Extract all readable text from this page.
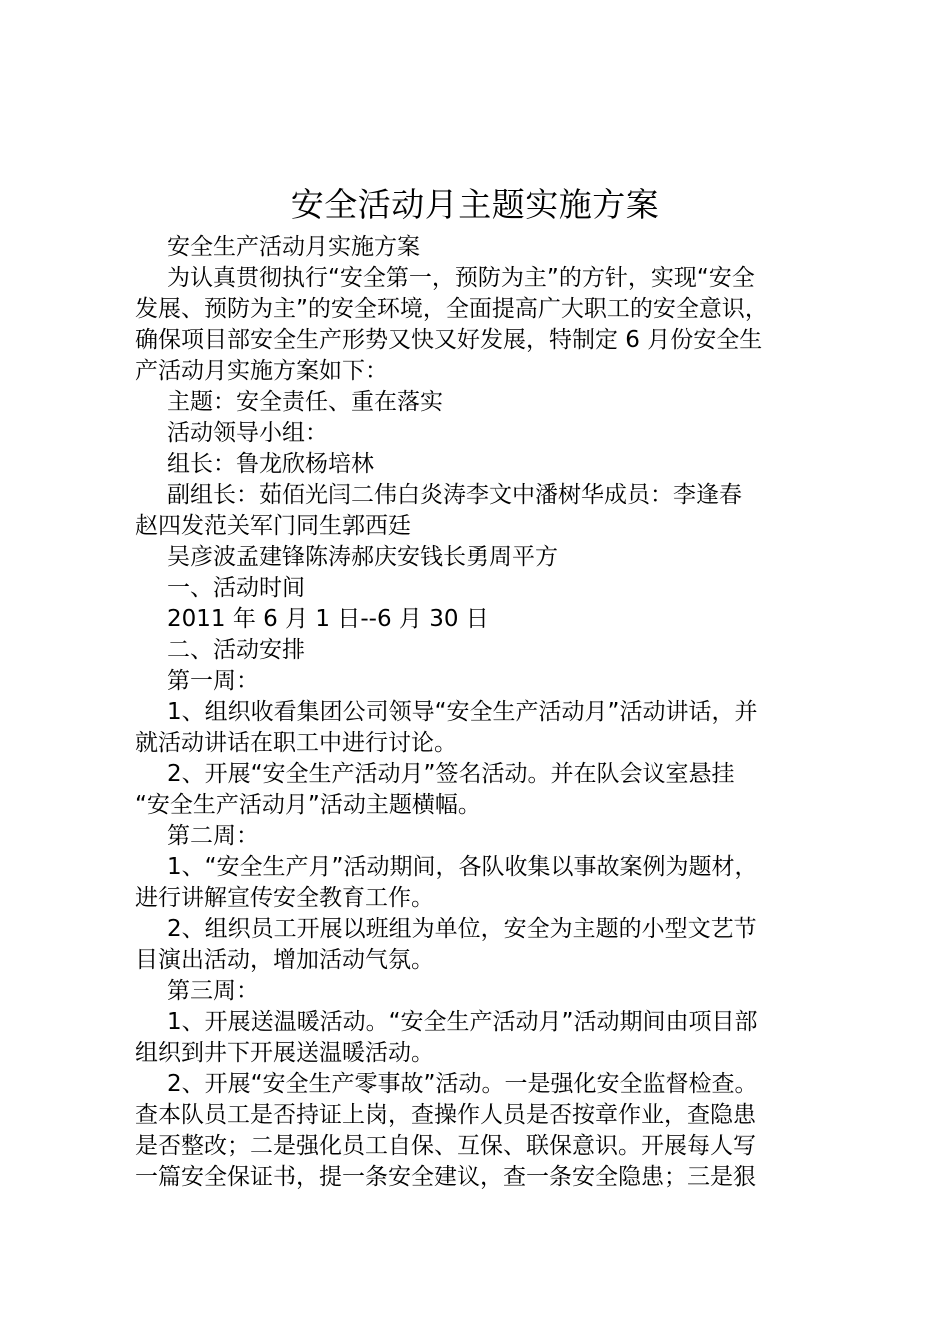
安全活动月主题实施方案
安全生产活动月实施方案
为认真贯彻执行“安全第一，预防为主”的方针，实现“安全
发展、预防为主”的安全环境，全面提高广大职工的安全意识，
确保项目部安全生产形势又快又好发展，特制定 6 月份安全生
产活动月实施方案如下：
主题：安全责任、重在落实
活动领导小组：
组长：鲁龙欣杨培林
副组长：茹佰光闫二伟白炎涛李文中潘树华成员：李逢春
赵四发范关军门同生郭西廷
吴彦波孟建锋陈涛郝庆安钱长勇周平方
一、活动时间
2011 年 6 月 1 日--6 月 30 日
二、活动安排
第一周：
1、组织收看集团公司领导“安全生产活动月”活动讲话，并
就活动讲话在职工中进行讨论。
2、开展“安全生产活动月”签名活动。并在队会议室悬挂
“安全生产活动月”活动主题横幅。
第二周：
1、“安全生产月”活动期间，各队收集以事故案例为题材，
进行讲解宣传安全教育工作。
2、组织员工开展以班组为单位，安全为主题的小型文艺节
目演出活动，增加活动气氛。
第三周：
1、开展送温暖活动。“安全生产活动月”活动期间由项目部
组织到井下开展送温暖活动。
2、开展“安全生产零事故”活动。一是强化安全监督检查。
查本队员工是否持证上岗，查操作人员是否按章作业，查隐患
是否整改；二是强化员工自保、互保、联保意识。开展每人写
一篇安全保证书，提一条安全建议，查一条安全隐患；三是狠
